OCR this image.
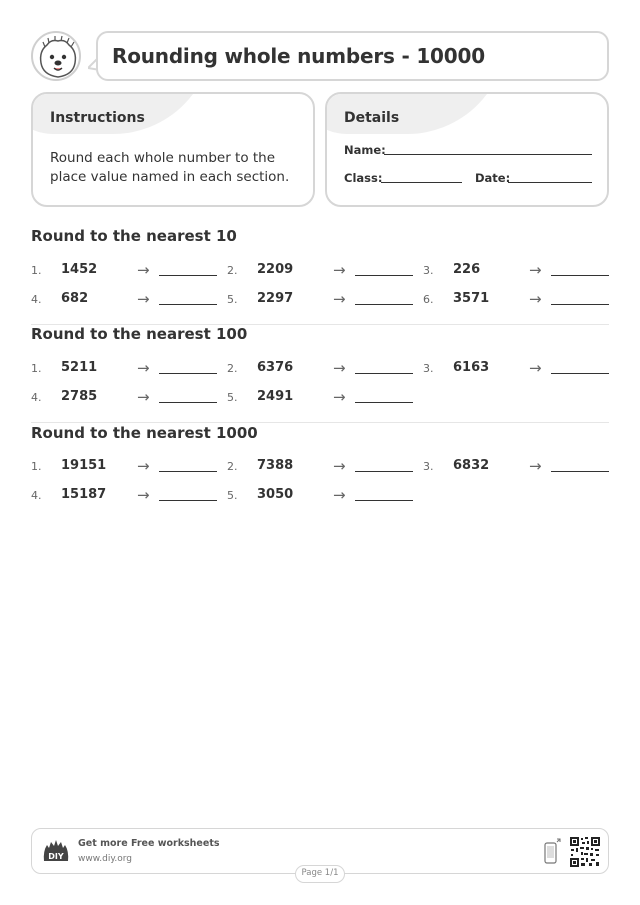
Rounding whole numbers - 10000
Instructions
Round each whole number to the place value named in each section.
Details
Name:
Class:	Date:
Round to the nearest 10
1. 1452	→	2. 2209	→	3. 226	→
4. 682	→	5. 2297	→	6. 3571	→
Round to the nearest 100
1. 5211	→	2. 6376	→	3. 6163	→
4. 2785	→	5. 2491	→
Round to the nearest 1000
1. 19151 →	2. 7388	→	3. 6832	→
4. 15187 →	5. 3050	→
DIY
Get more Free worksheets
www.diy.org
Page 1/1
